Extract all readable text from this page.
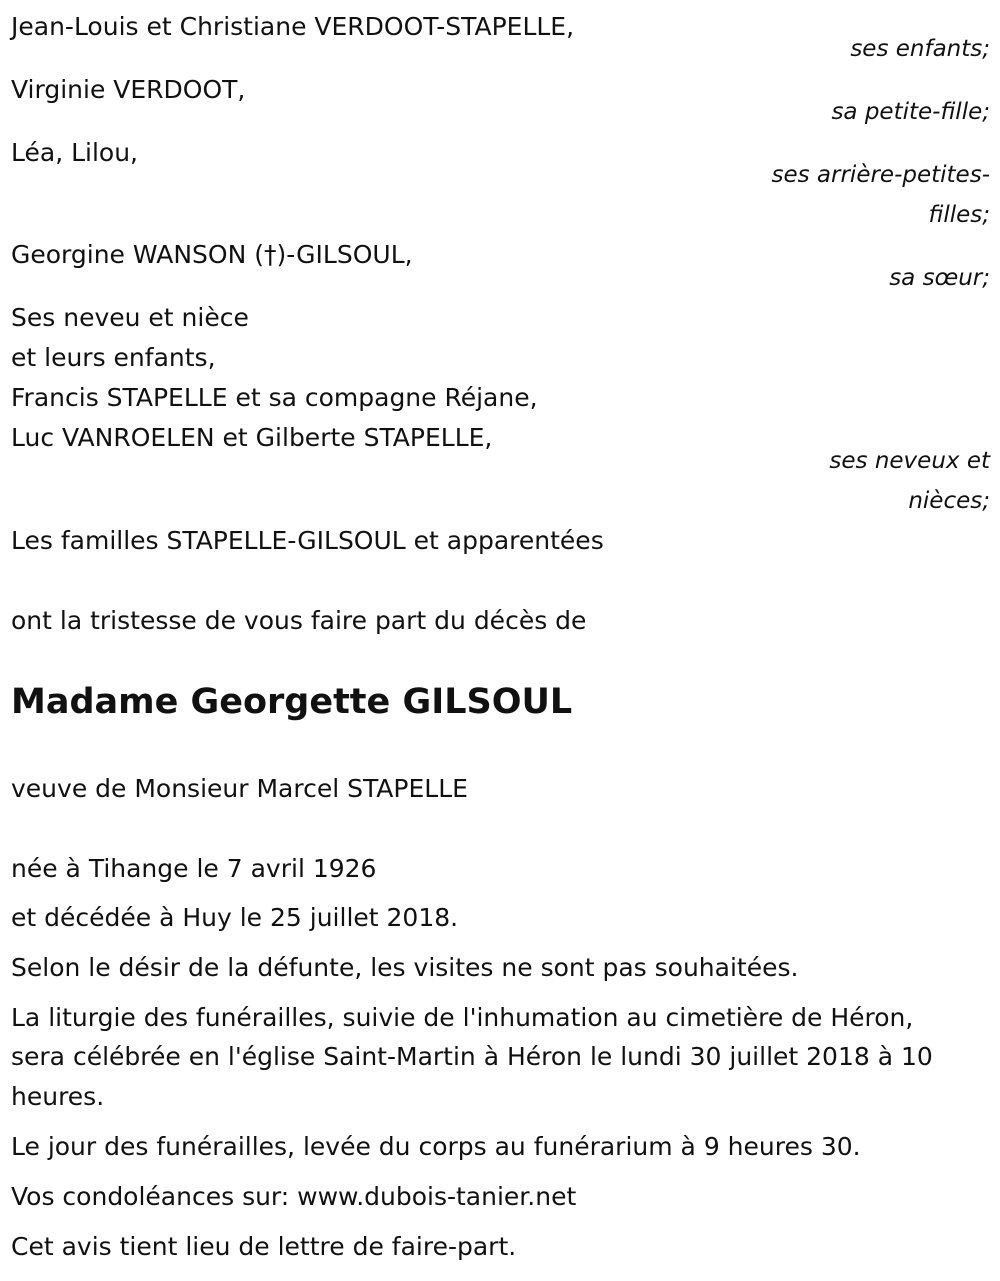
Jean-Louis et Christiane VERDOOT-STAPELLE,
ses enfants;
Virginie VERDOOT,
sa petite-fille;
Léa, Lilou,
ses arrière-petites-
filles;
Georgine WANSON (†)-GILSOUL,
sa sœur;
Ses neveu et nièce
et leurs enfants,
Francis STAPELLE et sa compagne Réjane,
Luc VANROELEN et Gilberte STAPELLE,
ses neveux et
nièces;
Les familles STAPELLE-GILSOUL et apparentées
ont la tristesse de vous faire part du décès de
Madame Georgette GILSOUL
veuve de Monsieur Marcel STAPELLE
née à Tihange le 7 avril 1926
et décédée à Huy le 25 juillet 2018.
Selon le désir de la défunte, les visites ne sont pas souhaitées.
La liturgie des funérailles, suivie de l'inhumation au cimetière de Héron,
sera célébrée en l'église Saint-Martin à Héron le lundi 30 juillet 2018 à 10
heures.
Le jour des funérailles, levée du corps au funérarium à 9 heures 30.
Vos condoléances sur: www.dubois-tanier.net
Cet avis tient lieu de lettre de faire-part.
